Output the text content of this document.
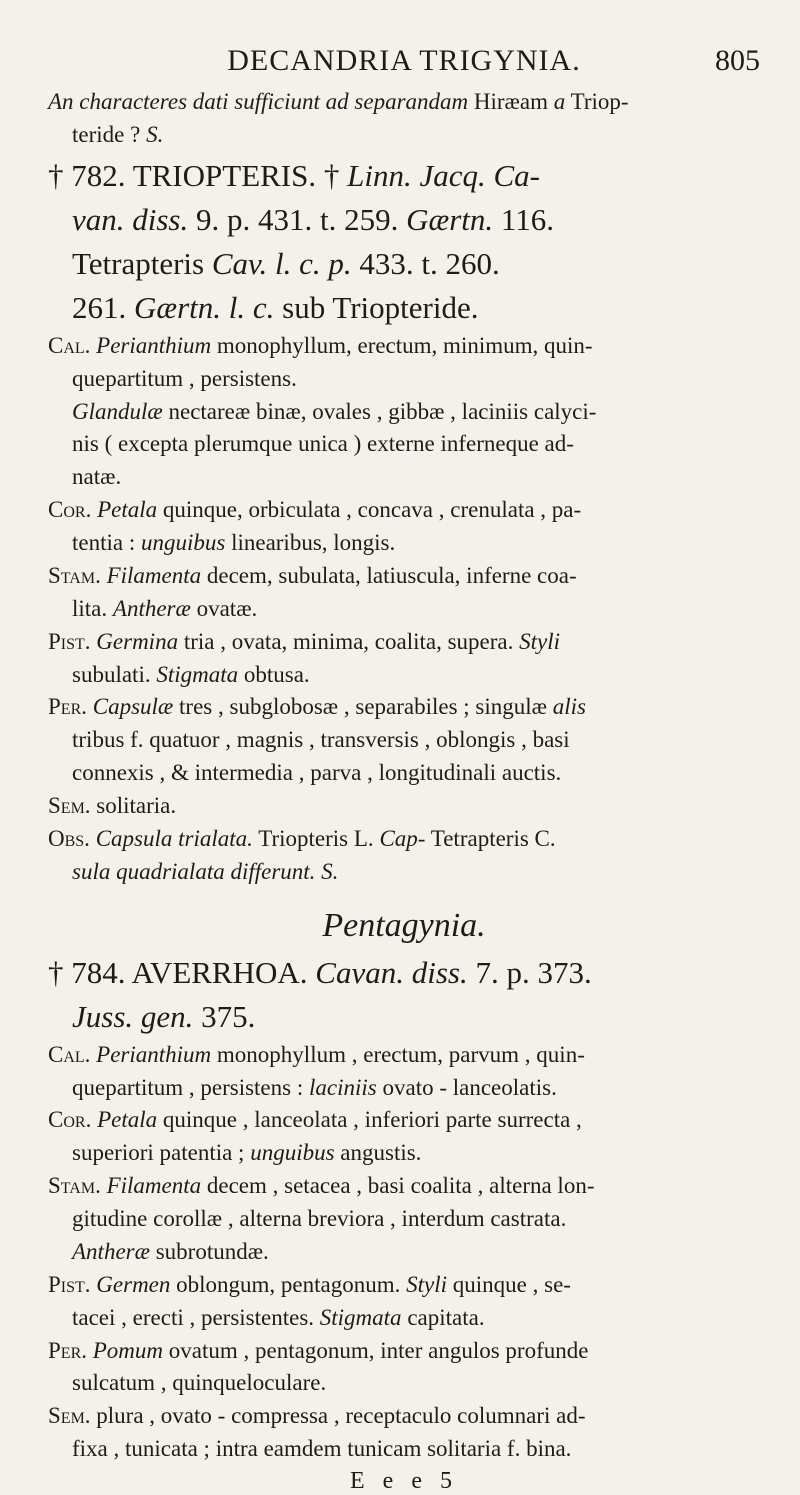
DECANDRIA TRIGYNIA.	805

An characteres dati sufficiunt ad separandam Hiræam a Triop-
teride ? S.

† 782. TRIOPTERIS. † Linn. Jacq. Ca-

van. diss. 9. p. 431. t. 259. Gærtn. 116.

Tetrapteris Cav. l. c. p. 433. t. 260.

261. Gærtn. l. c. sub Triopteride.

Cal. Perianthium monophyllum, erectum, minimum, quin-

quepartitum , persistens.

Glandulæ nectareæ binæ, ovales , gibbæ , laciniis calyci-

nis ( excepta plerumque unica ) externe inferneque ad-

natæ.

Cor. Petala quinque, orbiculata , concava , crenulata , pa-

tentia : unguibus linearibus, longis.

Stam. Filamenta decem, subulata, latiuscula, inferne coa-

lita. Antheræ ovatæ.

Pist. Germina tria , ovata, minima, coalita, supera. Styli

subulati. Stigmata obtusa.

Per. Capsulæ tres , subglobosæ , separabiles ; singulæ alis

tribus f. quatuor , magnis , transversis , oblongis , basi

connexis , & intermedia , parva , longitudinali auctis.

Sem. solitaria.

Obs. Capsula trialata. Triopteris L. Cap- Tetrapteris C.

sula quadrialata differunt. S.

Pentagynia.

† 784. AVERRHOA. Cavan. diss. 7. p. 373.

Juss. gen. 375.

Cal. Perianthium monophyllum , erectum, parvum , quin-

quepartitum , persistens : laciniis ovato - lanceolatis.

Cor. Petala quinque , lanceolata , inferiori parte surrecta ,

superiori patentia ; unguibus angustis.

Stam. Filamenta decem , setacea , basi coalita , alterna lon-

gitudine corollæ , alterna breviora , interdum castrata.

Antheræ subrotundæ.

Pist. Germen oblongum, pentagonum. Styli quinque , se-

tacei , erecti , persistentes. Stigmata capitata.

Per. Pomum ovatum , pentagonum, inter angulos profunde

sulcatum , quinqueloculare.

Sem. plura , ovato - compressa , receptaculo columnari ad-

fixa , tunicata ; intra eamdem tunicam solitaria f. bina.

E e e 5
